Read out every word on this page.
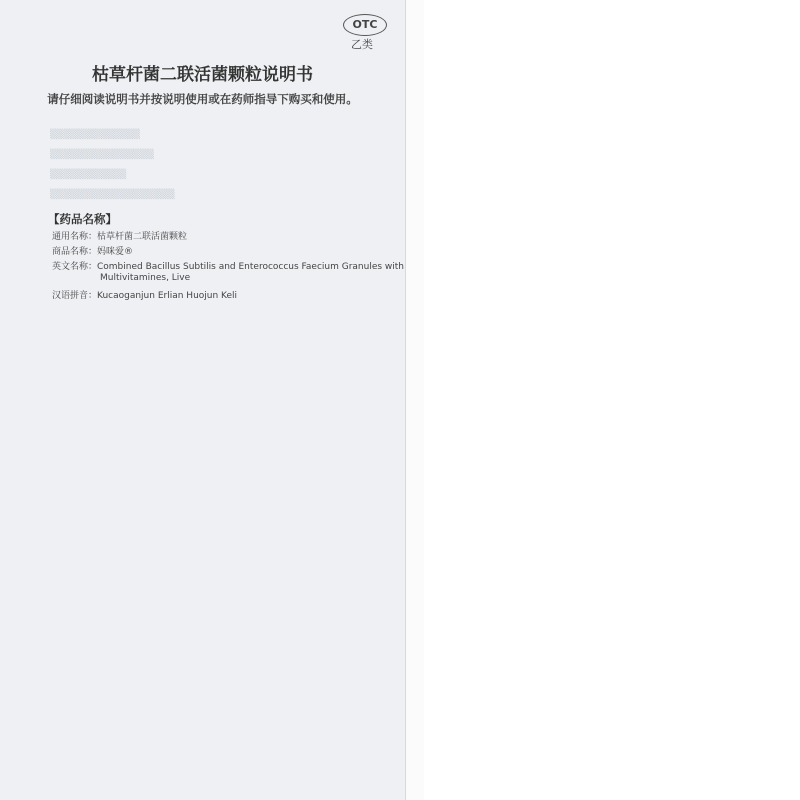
OTC
乙类
枯草杆菌二联活菌颗粒说明书
请仔细阅读说明书并按说明使用或在药师指导下购买和使用。
▒▒▒▒▒▒▒▒▒▒▒▒▒
▒▒▒▒▒▒▒▒▒▒▒▒▒▒▒
▒▒▒▒▒▒▒▒▒▒▒
▒▒▒▒▒▒▒▒▒▒▒▒▒▒▒▒▒▒
【药品名称】
通用名称：枯草杆菌二联活菌颗粒
商品名称：妈咪爱®
英文名称：Combined Bacillus Subtilis and Enterococcus Faecium Granules with
Multivitamines, Live
汉语拼音：Kucaoganjun Erlian Huojun Keli
